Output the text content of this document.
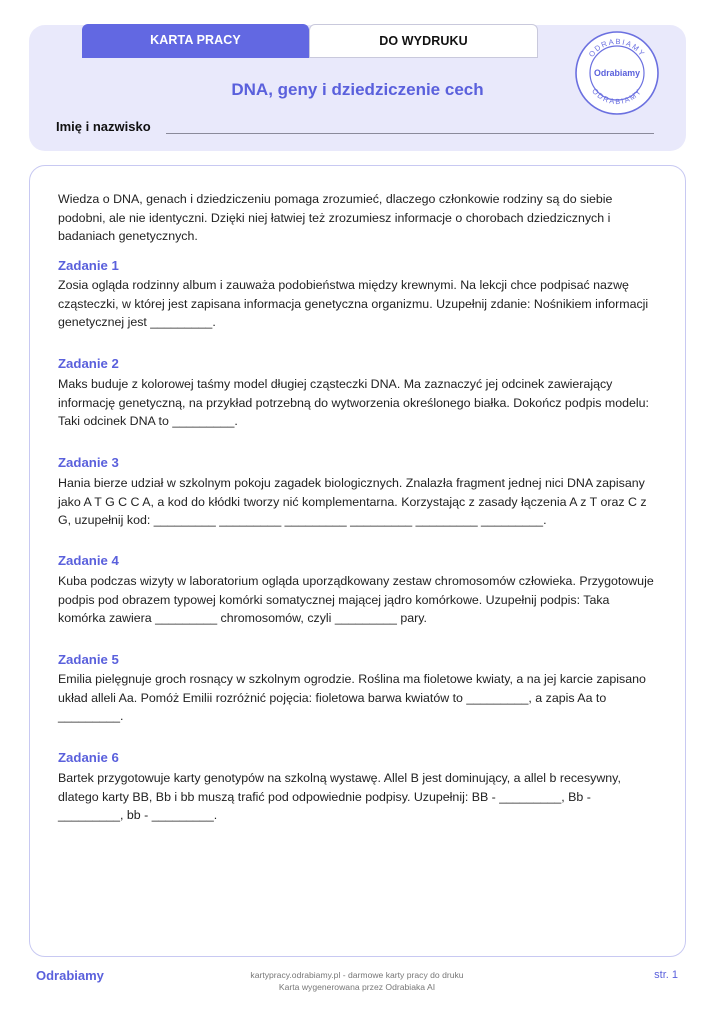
KARTA PRACY	DO WYDRUKU
DNA, geny i dziedziczenie cech
Imię i nazwisko
ODRABIAMY
Odrabiamy
ODRABIAMY
Wiedza o DNA, genach i dziedziczeniu pomaga zrozumieć, dlaczego członkowie rodziny są do siebie podobni, ale nie identyczni. Dzięki niej łatwiej też zrozumiesz informacje o chorobach dziedzicznych i badaniach genetycznych.
Zadanie 1
Zosia ogląda rodzinny album i zauważa podobieństwa między krewnymi. Na lekcji chce podpisać nazwę cząsteczki, w której jest zapisana informacja genetyczna organizmu. Uzupełnij zdanie: Nośnikiem informacji genetycznej jest _________.
Zadanie 2
Maks buduje z kolorowej taśmy model długiej cząsteczki DNA. Ma zaznaczyć jej odcinek zawierający informację genetyczną, na przykład potrzebną do wytworzenia określonego białka. Dokończ podpis modelu: Taki odcinek DNA to _________.
Zadanie 3
Hania bierze udział w szkolnym pokoju zagadek biologicznych. Znalazła fragment jednej nici DNA zapisany jako A T G C C A, a kod do kłódki tworzy nić komplementarna. Korzystając z zasady łączenia A z T oraz C z G, uzupełnij kod: _________ _________ _________ _________ _________ _________.
Zadanie 4
Kuba podczas wizyty w laboratorium ogląda uporządkowany zestaw chromosomów człowieka. Przygotowuje podpis pod obrazem typowej komórki somatycznej mającej jądro komórkowe. Uzupełnij podpis: Taka komórka zawiera _________ chromosomów, czyli _________ pary.
Zadanie 5
Emilia pielęgnuje groch rosnący w szkolnym ogrodzie. Roślina ma fioletowe kwiaty, a na jej karcie zapisano układ alleli Aa. Pomóż Emilii rozróżnić pojęcia: fioletowa barwa kwiatów to _________, a zapis Aa to _________.
Zadanie 6
Bartek przygotowuje karty genotypów na szkolną wystawę. Allel B jest dominujący, a allel b recesywny, dlatego karty BB, Bb i bb muszą trafić pod odpowiednie podpisy. Uzupełnij: BB - _________, Bb - _________, bb - _________.
Odrabiamy	kartypracy.odrabiamy.pl - darmowe karty pracy do druku
Karta wygenerowana przez Odrabiaka AI
str. 1
